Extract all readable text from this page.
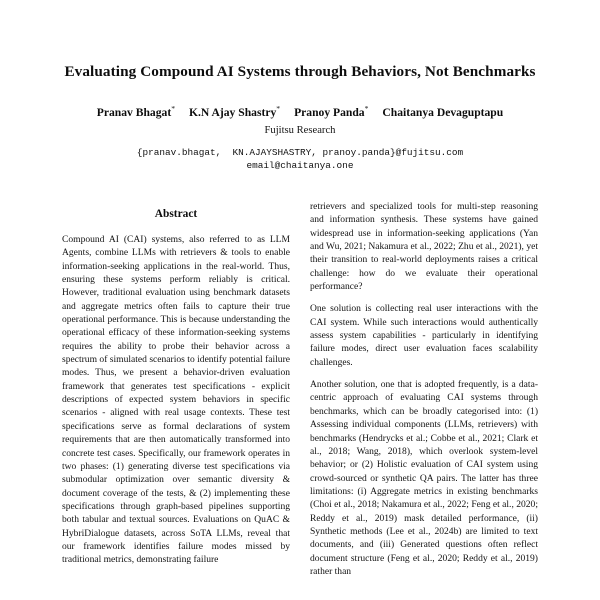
Evaluating Compound AI Systems through Behaviors, Not Benchmarks
Pranav Bhagat* K.N Ajay Shastry* Pranoy Panda* Chaitanya Devaguptapu
Fujitsu Research
{pranav.bhagat,  KN.AJAYSHASTRY, pranoy.panda}@fujitsu.com
email@chaitanya.one
Abstract

Compound AI (CAI) systems, also referred to as LLM Agents, combine LLMs with retrievers & tools to enable information-seeking applications in the real-world. Thus, ensuring these systems perform reliably is critical. However, traditional evaluation using benchmark datasets and aggregate metrics often fails to capture their true operational performance. This is because understanding the operational efficacy of these information-seeking systems requires the ability to probe their behavior across a spectrum of simulated scenarios to identify potential failure modes. Thus, we present a behavior-driven evaluation framework that generates test specifications - explicit descriptions of expected system behaviors in specific scenarios - aligned with real usage contexts. These test specifications serve as formal declarations of system requirements that are then automatically transformed into concrete test cases. Specifically, our framework operates in two phases: (1) generating diverse test specifications via submodular optimization over semantic diversity & document coverage of the tests, & (2) implementing these specifications through graph-based pipelines supporting both tabular and textual sources. Evaluations on QuAC & HybriDialogue datasets, across SoTA LLMs, reveal that our framework identifies failure modes missed by traditional metrics, demonstrating failure

retrievers and specialized tools for multi-step reasoning and information synthesis. These systems have gained widespread use in information-seeking applications (Yan and Wu, 2021; Nakamura et al., 2022; Zhu et al., 2021), yet their transition to real-world deployments raises a critical challenge: how do we evaluate their operational performance?

One solution is collecting real user interactions with the CAI system. While such interactions would authentically assess system capabilities - particularly in identifying failure modes, direct user evaluation faces scalability challenges.

Another solution, one that is adopted frequently, is a data-centric approach of evaluating CAI systems through benchmarks, which can be broadly categorised into: (1) Assessing individual components (LLMs, retrievers) with benchmarks (Hendrycks et al.; Cobbe et al., 2021; Clark et al., 2018; Wang, 2018), which overlook system-level behavior; or (2) Holistic evaluation of CAI system using crowd-sourced or synthetic QA pairs. The latter has three limitations: (i) Aggregate metrics in existing benchmarks (Choi et al., 2018; Nakamura et al., 2022; Feng et al., 2020; Reddy et al., 2019) mask detailed performance, (ii) Synthetic methods (Lee et al., 2024b) are limited to text documents, and (iii) Generated questions often reflect document structure (Feng et al., 2020; Reddy et al., 2019) rather than
